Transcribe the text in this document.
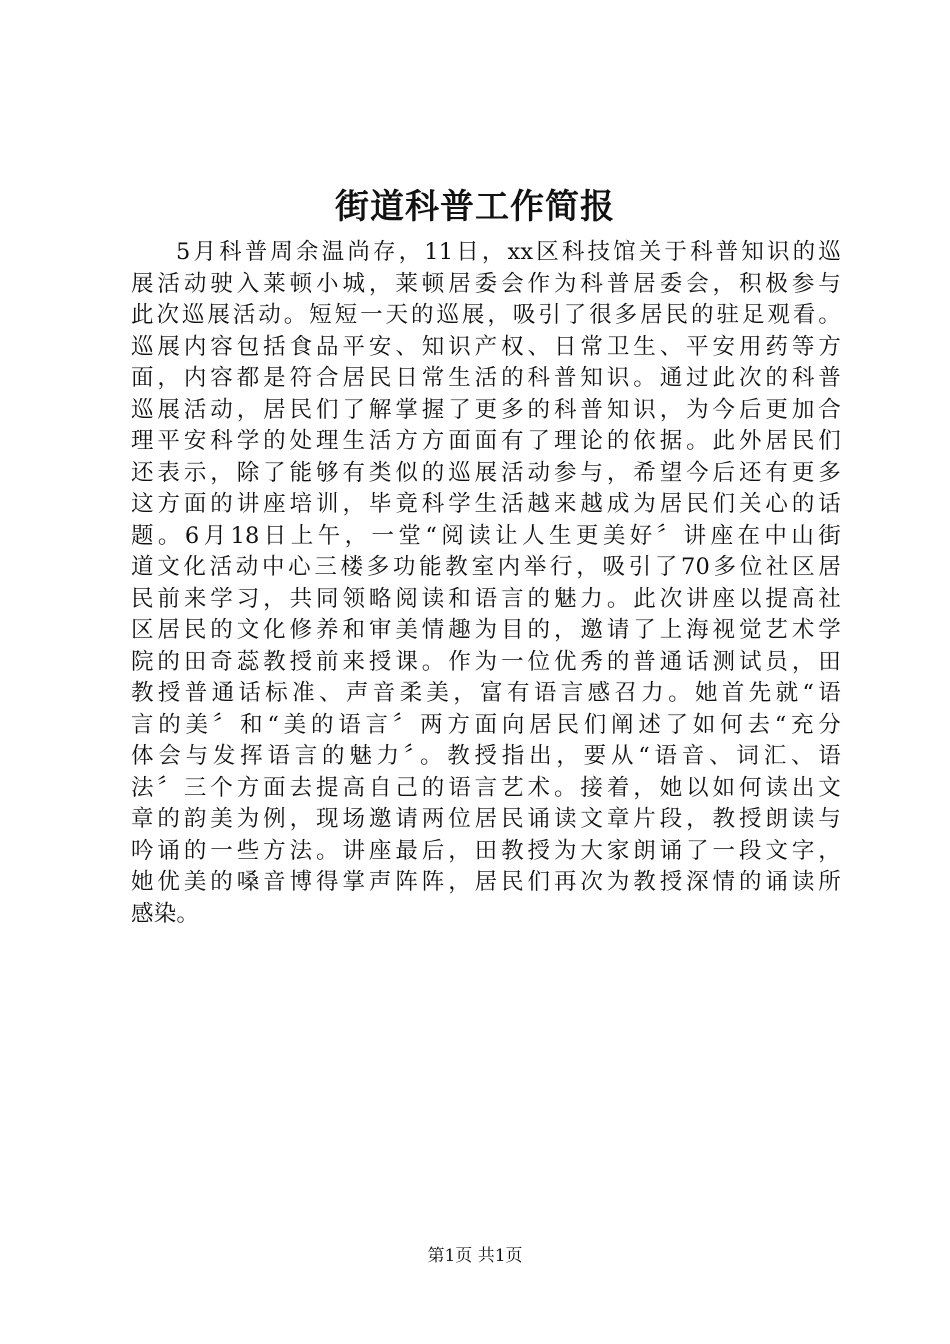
街道科普工作简报
5月科普周余温尚存，11日，xx区科技馆关于科普知识的巡
展活动驶入莱顿小城，莱顿居委会作为科普居委会，积极参与
此次巡展活动。短短一天的巡展，吸引了很多居民的驻足观看。
巡展内容包括食品平安、知识产权、日常卫生、平安用药等方
面，内容都是符合居民日常生活的科普知识。通过此次的科普
巡展活动，居民们了解掌握了更多的科普知识，为今后更加合
理平安科学的处理生活方方面面有了理论的依据。此外居民们
还表示，除了能够有类似的巡展活动参与，希望今后还有更多
这方面的讲座培训，毕竟科学生活越来越成为居民们关心的话
题。6月18日上午，一堂“阅读让人生更美好〞讲座在中山街
道文化活动中心三楼多功能教室内举行，吸引了70多位社区居
民前来学习，共同领略阅读和语言的魅力。此次讲座以提高社
区居民的文化修养和审美情趣为目的，邀请了上海视觉艺术学
院的田奇蕊教授前来授课。作为一位优秀的普通话测试员，田
教授普通话标准、声音柔美，富有语言感召力。她首先就“语
言的美〞和“美的语言〞两方面向居民们阐述了如何去“充分
体会与发挥语言的魅力〞。教授指出，要从“语音、词汇、语
法〞三个方面去提高自己的语言艺术。接着，她以如何读出文
章的韵美为例，现场邀请两位居民诵读文章片段，教授朗读与
吟诵的一些方法。讲座最后，田教授为大家朗诵了一段文字，
她优美的嗓音博得掌声阵阵，居民们再次为教授深情的诵读所
感染。
第1页 共1页
